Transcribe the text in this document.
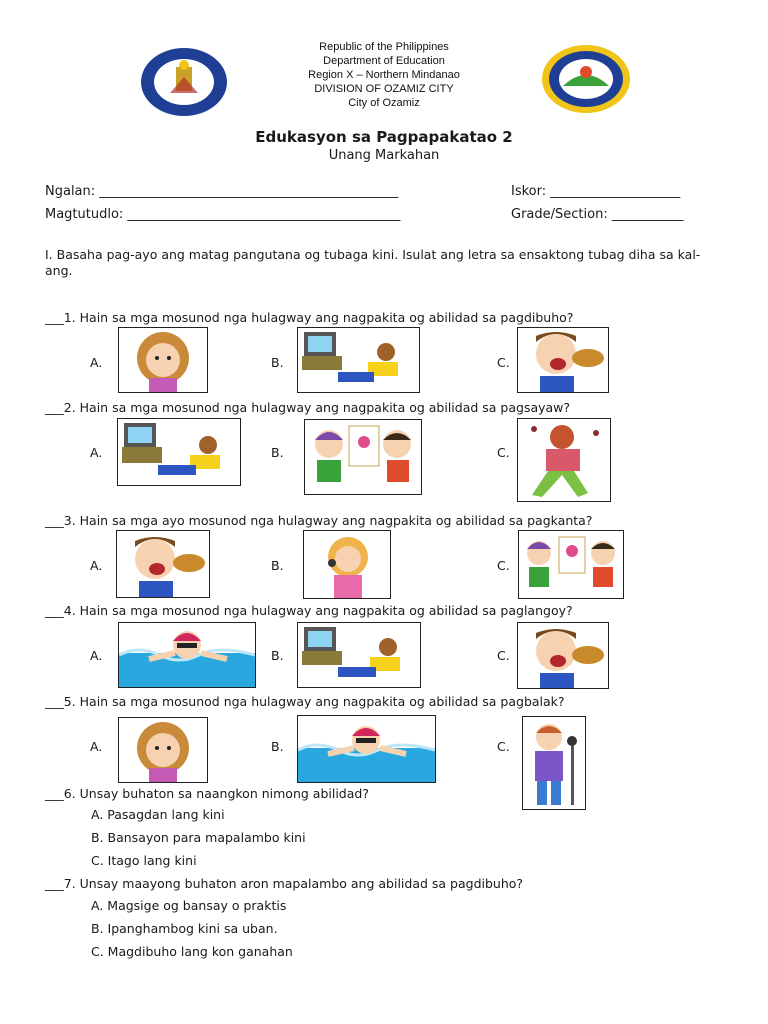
Republic of the Philippines
Department of Education
Region X – Northern Mindanao
DIVISION OF OZAMIZ CITY
City of Ozamiz
Edukasyon sa Pagpapakatao 2
Unang Markahan
Ngalan: ______________________________________________	Iskor: ____________________
Magtutudlo: __________________________________________	Grade/Section: ___________
I. Basaha pag-ayo ang matag pangutana og tubaga kini. Isulat ang letra sa ensaktong tubag diha sa kal-ang.
___1. Hain sa mga mosunod nga hulagway ang nagpakita og abilidad sa pagdibuho?
A.	B.	C.
___2. Hain sa mga mosunod nga hulagway ang nagpakita og abilidad sa pagsayaw?
A.	B.	C.
___3. Hain sa mga ayo mosunod nga hulagway ang nagpakita og abilidad sa pagkanta?
A.	B.	C.
___4. Hain sa mga mosunod nga hulagway ang nagpakita og abilidad sa paglangoy?
A.	B.	C.
___5. Hain sa mga mosunod nga hulagway ang nagpakita og abilidad sa pagbalak?
A.	B.	C.
___6. Unsay buhaton sa naangkon nimong abilidad?
A. Pasagdan lang kini
B. Bansayon para mapalambo kini
C. Itago lang kini
___7. Unsay maayong buhaton aron mapalambo ang abilidad sa pagdibuho?
A. Magsige og bansay o praktis
B. Ipanghambog kini sa uban.
C. Magdibuho lang kon ganahan
